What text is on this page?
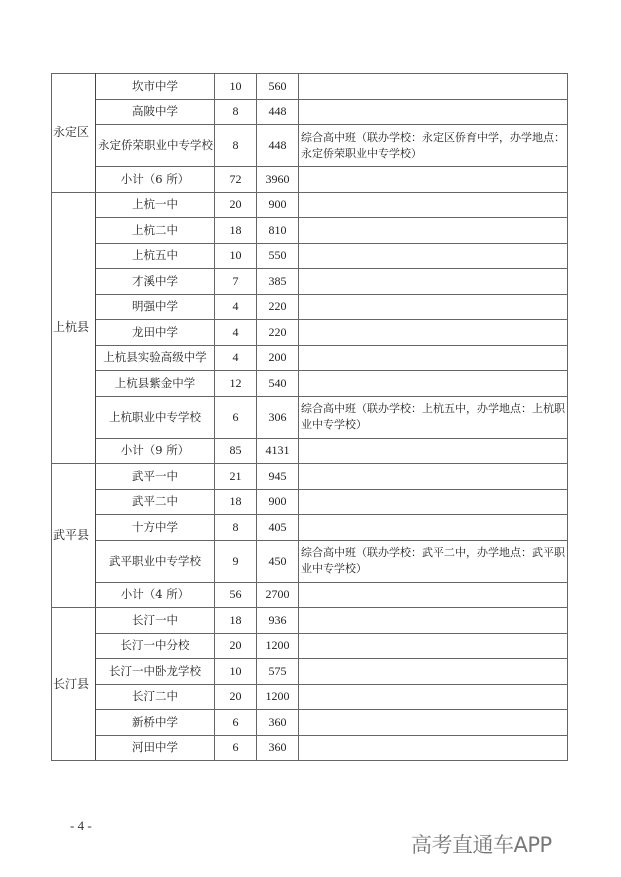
永定区	坎市中学	10	560	
	高陂中学	8	448	
	永定侨荣职业中专学校	8	448	综合高中班（联办学校：永定区侨育中学，办学地点：永定侨荣职业中专学校）
	小计（6 所）	72	3960	
上杭县	上杭一中	20	900	
	上杭二中	18	810	
	上杭五中	10	550	
	才溪中学	7	385	
	明强中学	4	220	
	龙田中学	4	220	
	上杭县实验高级中学	4	200	
	上杭县紫金中学	12	540	
	上杭职业中专学校	6	306	综合高中班（联办学校：上杭五中，办学地点：上杭职业中专学校）
	小计（9 所）	85	4131	
武平县	武平一中	21	945	
	武平二中	18	900	
	十方中学	8	405	
	武平职业中专学校	9	450	综合高中班（联办学校：武平二中，办学地点：武平职业中专学校）
	小计（4 所）	56	2700	
长汀县	长汀一中	18	936	
	长汀一中分校	20	1200	
	长汀一中卧龙学校	10	575	
	长汀二中	20	1200	
	新桥中学	6	360	
	河田中学	6	360	
- 4 -
高考直通车APP
